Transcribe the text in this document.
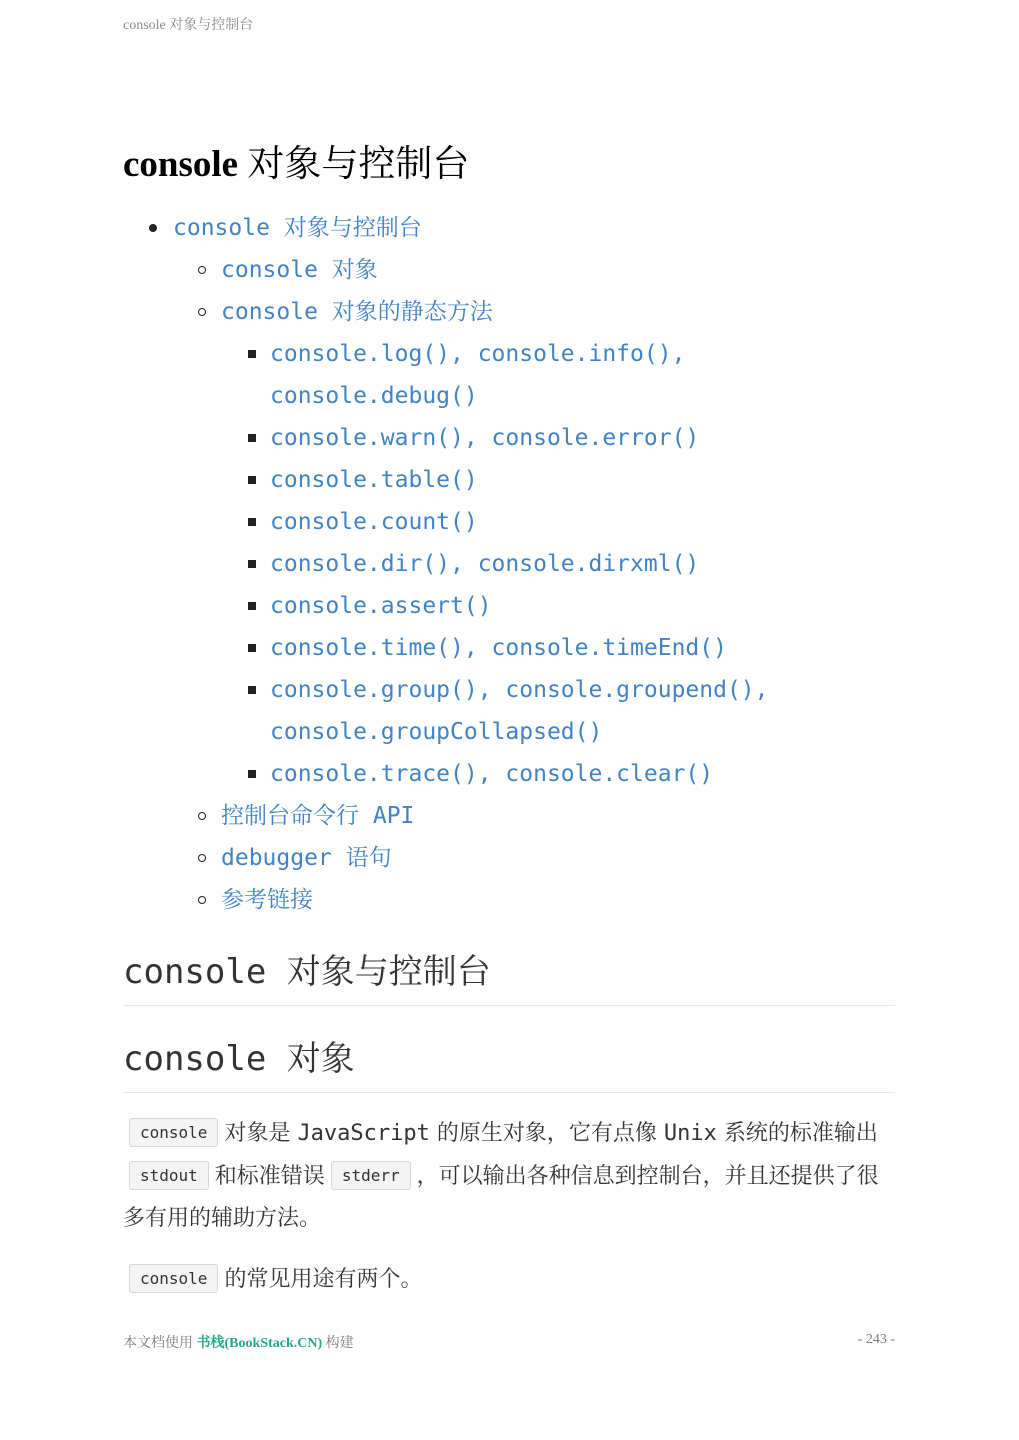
console 对象与控制台
console 对象与控制台
console 对象与控制台
console 对象
console 对象的静态方法
console.log(), console.info(),
console.debug()
console.warn(), console.error()
console.table()
console.count()
console.dir(), console.dirxml()
console.assert()
console.time(), console.timeEnd()
console.group(), console.groupend(),
console.groupCollapsed()
console.trace(), console.clear()
控制台命令行 API
debugger 语句
参考链接
console 对象与控制台
console 对象

console 对象是 JavaScript 的原生对象，它有点像 Unix 系统的标准输出stdout 和标准错误 stderr ，可以输出各种信息到控制台，并且还提供了很多有用的辅助方法。

console 的常见用途有两个。

本文档使用 书栈(BookStack.CN) 构建	- 243 -
